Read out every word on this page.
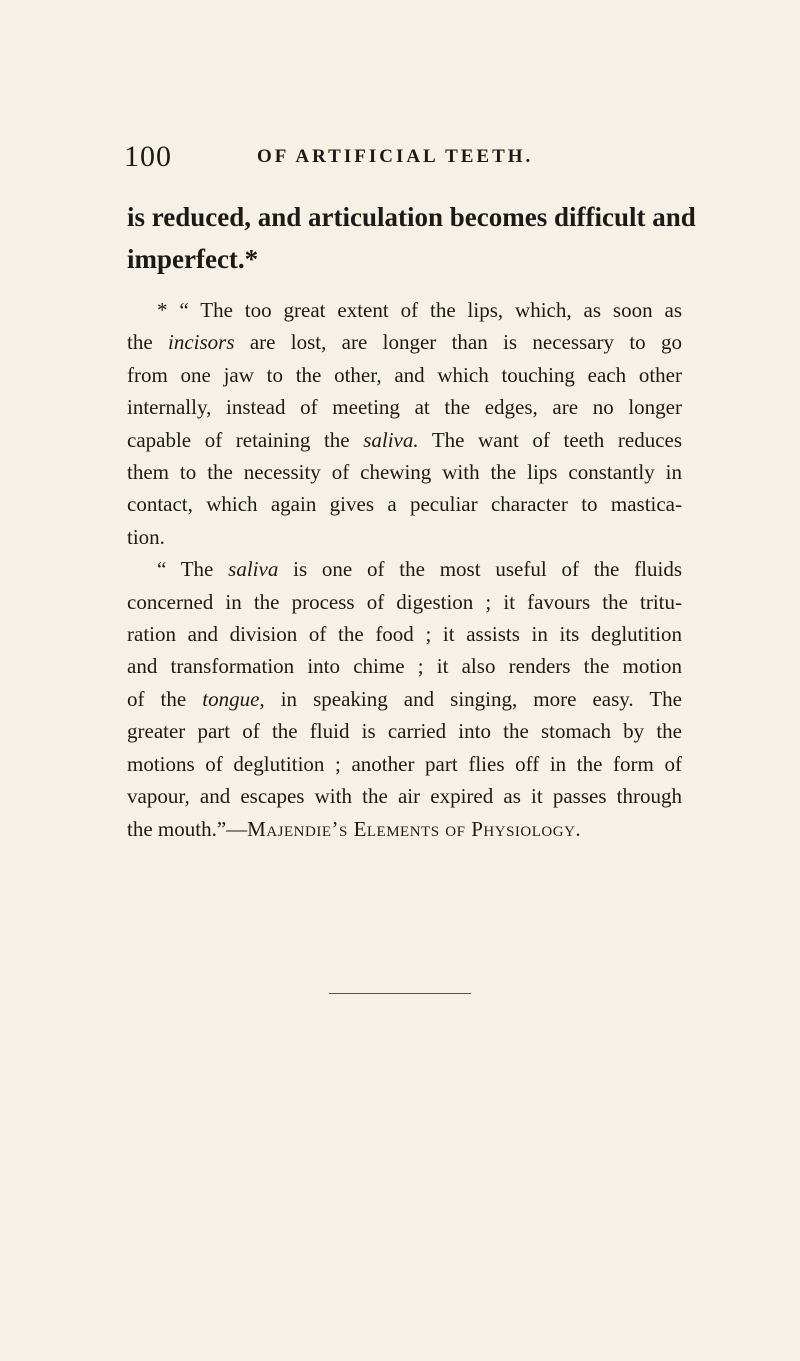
100	OF ARTIFICIAL TEETH.

is reduced, and articulation becomes difficult and
imperfect.*

* “ The too great extent of the lips, which, as soon as
the incisors are lost, are longer than is necessary to go
from one jaw to the other, and which touching each other
internally, instead of meeting at the edges, are no longer
capable of retaining the saliva. The want of teeth reduces
them to the necessity of chewing with the lips constantly in
contact, which again gives a peculiar character to mastica-
tion.
“ The saliva is one of the most useful of the fluids
concerned in the process of digestion ; it favours the tritu-
ration and division of the food ; it assists in its deglutition
and transformation into chime ; it also renders the motion
of the tongue, in speaking and singing, more easy. The
greater part of the fluid is carried into the stomach by the
motions of deglutition ; another part flies off in the form of
vapour, and escapes with the air expired as it passes through
the mouth.”—Majendie’s Elements of Physiology.
